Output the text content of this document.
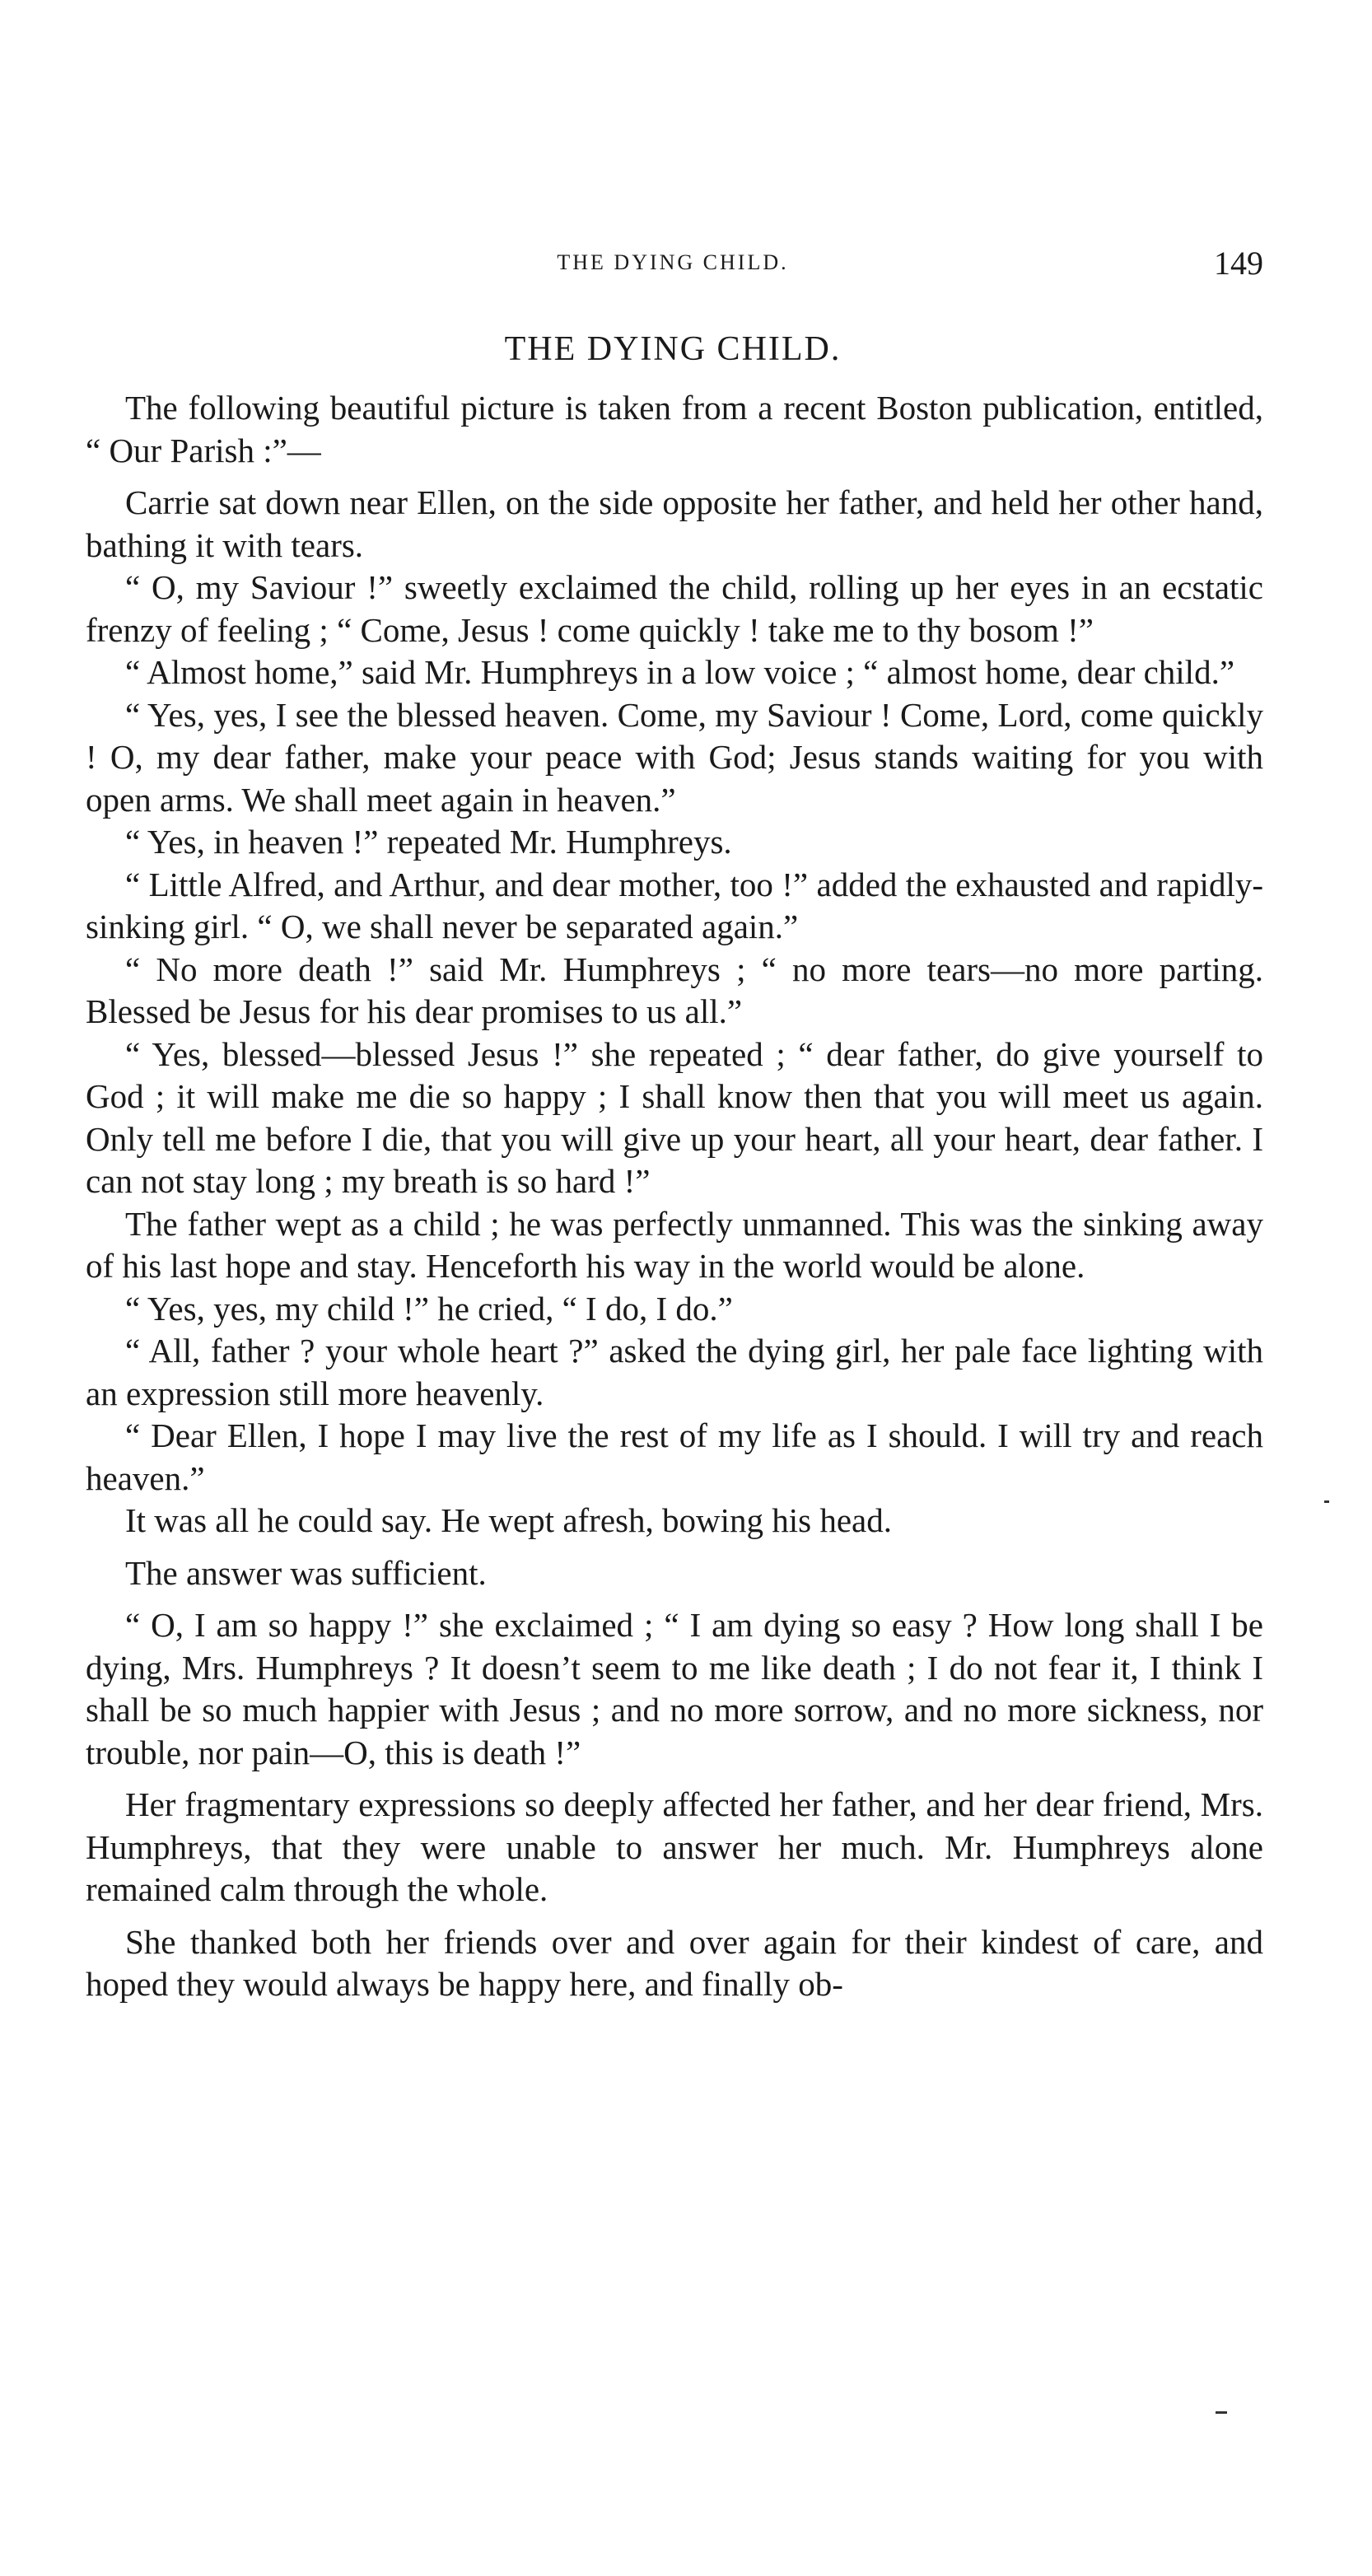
THE DYING CHILD.	149
THE DYING CHILD.

The following beautiful picture is taken from a recent Boston publication, entitled, “ Our Parish :”—

Carrie sat down near Ellen, on the side opposite her father, and held her other hand, bathing it with tears.

“ O, my Saviour !” sweetly exclaimed the child, rolling up her eyes in an ecstatic frenzy of feeling ; “ Come, Jesus ! come quickly ! take me to thy bosom !”

“ Almost home,” said Mr. Humphreys in a low voice ; “ almost home, dear child.”

“ Yes, yes, I see the blessed heaven. Come, my Saviour ! Come, Lord, come quickly ! O, my dear father, make your peace with God; Jesus stands waiting for you with open arms. We shall meet again in heaven.”

“ Yes, in heaven !” repeated Mr. Humphreys.

“ Little Alfred, and Arthur, and dear mother, too !” added the exhausted and rapidly-sinking girl. “ O, we shall never be separated again.”

“ No more death !” said Mr. Humphreys ; “ no more tears—no more parting. Blessed be Jesus for his dear promises to us all.”

“ Yes, blessed—blessed Jesus !” she repeated ; “ dear father, do give yourself to God ; it will make me die so happy ; I shall know then that you will meet us again. Only tell me before I die, that you will give up your heart, all your heart, dear father. I can not stay long ; my breath is so hard !”

The father wept as a child ; he was perfectly unmanned. This was the sinking away of his last hope and stay. Henceforth his way in the world would be alone.

“ Yes, yes, my child !” he cried, “ I do, I do.”

“ All, father ? your whole heart ?” asked the dying girl, her pale face lighting with an expression still more heavenly.

“ Dear Ellen, I hope I may live the rest of my life as I should. I will try and reach heaven.”

It was all he could say. He wept afresh, bowing his head.

The answer was sufficient.

“ O, I am so happy !” she exclaimed ; “ I am dying so easy ? How long shall I be dying, Mrs. Humphreys ? It doesn’t seem to me like death ; I do not fear it, I think I shall be so much happier with Jesus ; and no more sorrow, and no more sickness, nor trouble, nor pain—O, this is death !”

Her fragmentary expressions so deeply affected her father, and her dear friend, Mrs. Humphreys, that they were unable to answer her much. Mr. Humphreys alone remained calm through the whole.

She thanked both her friends over and over again for their kindest of care, and hoped they would always be happy here, and finally ob-
